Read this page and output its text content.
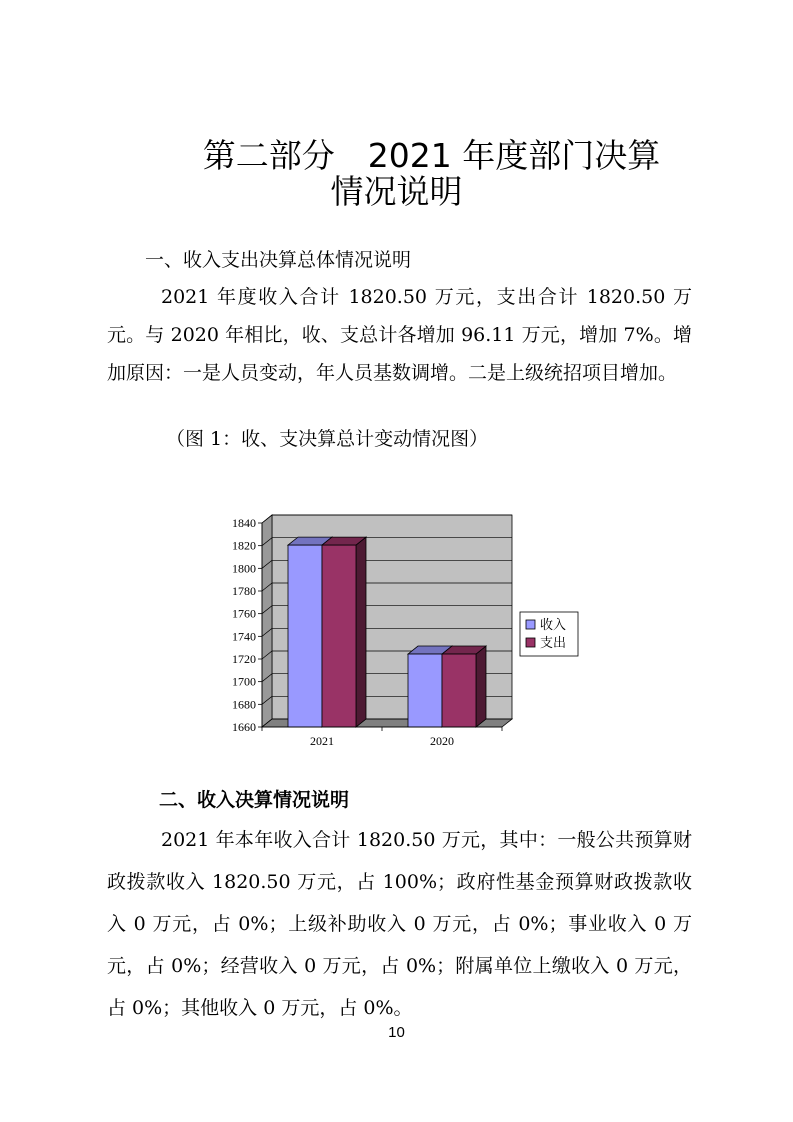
第二部分　2021 年度部门决算
情况说明
一、收入支出决算总体情况说明
2021 年度收入合计 1820.50 万元，支出合计 1820.50 万元。与 2020 年相比，收、支总计各增加 96.11 万元，增加 7%。增加原因：一是人员变动，年人员基数调增。二是上级统招项目增加。
（图 1：收、支决算总计变动情况图）
1660
1680
1700
1720
1740
1760
1780
1800
1820
1840
2021	2020
收入
支出
二、收入决算情况说明
2021 年本年收入合计 1820.50 万元，其中：一般公共预算财政拨款收入 1820.50 万元，占 100%；政府性基金预算财政拨款收入 0 万元，占 0%；上级补助收入 0 万元，占 0%；事业收入 0 万元，占 0%；经营收入 0 万元，占 0%；附属单位上缴收入 0 万元，占 0%；其他收入 0 万元，占 0%。
10
